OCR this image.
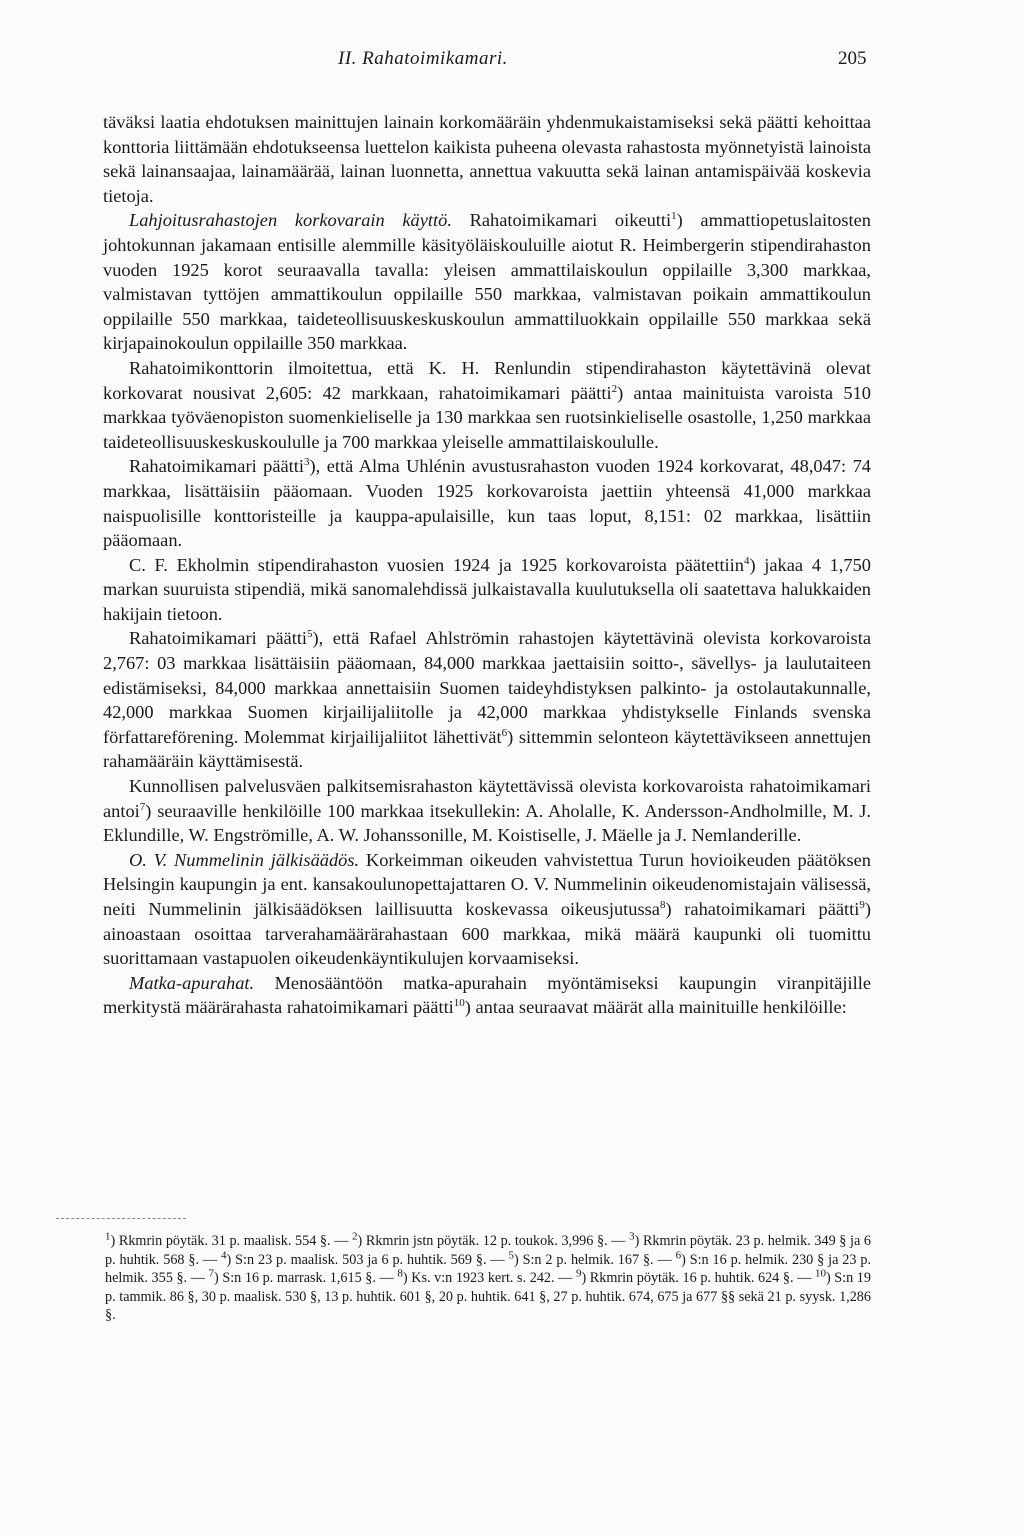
II. Rahatoimikamari.	205

täväksi laatia ehdotuksen mainittujen lainain korkomääräin yhdenmukaistamiseksi sekä päätti kehoittaa konttoria liittämään ehdotukseensa luettelon kaikista puheena olevasta rahastosta myönnetyistä lainoista sekä lainansaajaa, lainamäärää, lainan luonnetta, annettua vakuutta sekä lainan antamispäivää koskevia tietoja.

Lahjoitusrahastojen korkovarain käyttö. Rahatoimikamari oikeutti$^1$) ammattiopetuslaitosten johtokunnan jakamaan entisille alemmille käsityöläiskouluille aiotut R. Heimbergerin stipendirahaston vuoden 1925 korot seuraavalla tavalla: yleisen ammattilaiskoulun oppilaille 3,300 markkaa, valmistavan tyttöjen ammattikoulun oppilaille 550 markkaa, valmistavan poikain ammattikoulun oppilaille 550 markkaa, taideteollisuuskeskuskoulun ammattiluokkain oppilaille 550 markkaa sekä kirjapainokoulun oppilaille 350 markkaa.

Rahatoimikonttorin ilmoitettua, että K. H. Renlundin stipendirahaston käytettävinä olevat korkovarat nousivat 2,605: 42 markkaan, rahatoimikamari päätti$^2$) antaa mainituista varoista 510 markkaa työväenopiston suomenkieliselle ja 130 markkaa sen ruotsinkieliselle osastolle, 1,250 markkaa taideteollisuuskeskuskoululle ja 700 markkaa yleiselle ammattilaiskoululle.

Rahatoimikamari päätti$^3$), että Alma Uhlénin avustusrahaston vuoden 1924 korkovarat, 48,047: 74 markkaa, lisättäisiin pääomaan. Vuoden 1925 korkovaroista jaettiin yhteensä 41,000 markkaa naispuolisille konttoristeille ja kauppa-apulaisille, kun taas loput, 8,151: 02 markkaa, lisättiin pääomaan.

C. F. Ekholmin stipendirahaston vuosien 1924 ja 1925 korkovaroista päätettiin$^4$) jakaa 4 1,750 markan suuruista stipendiä, mikä sanomalehdissä julkaistavalla kuulutuksella oli saatettava halukkaiden hakijain tietoon.

Rahatoimikamari päätti$^5$), että Rafael Ahlströmin rahastojen käytettävinä olevista korkovaroista 2,767: 03 markkaa lisättäisiin pääomaan, 84,000 markkaa jaettaisiin soitto-, sävellys- ja laulutaiteen edistämiseksi, 84,000 markkaa annettaisiin Suomen taideyhdistyksen palkinto- ja ostolautakunnalle, 42,000 markkaa Suomen kirjailijaliitolle ja 42,000 markkaa yhdistykselle Finlands svenska författareförening. Molemmat kirjailijaliitot lähettivät$^6$) sittemmin selonteon käytettävikseen annettujen rahamääräin käyttämisestä.

Kunnollisen palvelusväen palkitsemisrahaston käytettävissä olevista korkovaroista rahatoimikamari antoi$^7$) seuraaville henkilöille 100 markkaa itsekullekin: A. Aholalle, K. Andersson-Andholmille, M. J. Eklundille, W. Engströmille, A. W. Johanssonille, M. Koistiselle, J. Mäelle ja J. Nemlanderille.

O. V. Nummelinin jälkisäädös. Korkeimman oikeuden vahvistettua Turun hovioikeuden päätöksen Helsingin kaupungin ja ent. kansakoulunopettajattaren O. V. Nummelinin oikeudenomistajain välisessä, neiti Nummelinin jälkisäädöksen laillisuutta koskevassa oikeusjutussa$^8$) rahatoimikamari päätti$^9$) ainoastaan osoittaa tarverahamäärärahastaan 600 markkaa, mikä määrä kaupunki oli tuomittu suorittamaan vastapuolen oikeudenkäyntikulujen korvaamiseksi.

Matka-apurahat. Menosääntöön matka-apurahain myöntämiseksi kaupungin viranpitäjille merkitystä määrärahasta rahatoimikamari päätti$^{10}$) antaa seuraavat määrät alla mainituille henkilöille:

$^1$) Rkmrin pöytäk. 31 p. maalisk. 554 §. — $^2$) Rkmrin jstn pöytäk. 12 p. toukok. 3,996 §. — $^3$) Rkmrin pöytäk. 23 p. helmik. 349 § ja 6 p. huhtik. 568 §. — $^4$) S:n 23 p. maalisk. 503 ja 6 p. huhtik. 569 §. — $^5$) S:n 2 p. helmik. 167 §. — $^6$) S:n 16 p. helmik. 230 § ja 23 p. helmik. 355 §. — $^7$) S:n 16 p. marrask. 1,615 §. — $^8$) Ks. v:n 1923 kert. s. 242. — $^9$) Rkmrin pöytäk. 16 p. huhtik. 624 §. — $^{10}$) S:n 19 p. tammik. 86 §, 30 p. maalisk. 530 §, 13 p. huhtik. 601 §, 20 p. huhtik. 641 §, 27 p. huhtik. 674, 675 ja 677 §§ sekä 21 p. syysk. 1,286 §.
